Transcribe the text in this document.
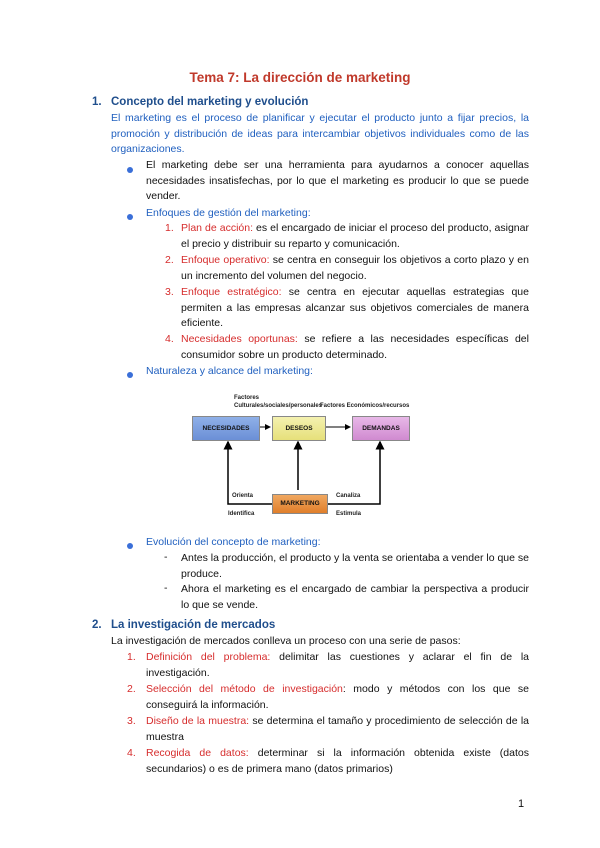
Tema 7: La dirección de marketing
1. Concepto del marketing y evolución
El marketing es el proceso de planificar y ejecutar el producto junto a fijar precios, la promoción y distribución de ideas para intercambiar objetivos individuales como de las organizaciones.
El marketing debe ser una herramienta para ayudarnos a conocer aquellas necesidades insatisfechas, por lo que el marketing es producir lo que se puede vender.
Enfoques de gestión del marketing:
1. Plan de acción: es el encargado de iniciar el proceso del producto, asignar el precio y distribuir su reparto y comunicación.
2. Enfoque operativo: se centra en conseguir los objetivos a corto plazo y en un incremento del volumen del negocio.
3. Enfoque estratégico: se centra en ejecutar aquellas estrategias que permiten a las empresas alcanzar sus objetivos comerciales de manera eficiente.
4. Necesidades oportunas: se refiere a las necesidades específicas del consumidor sobre un producto determinado.
Naturaleza y alcance del marketing:
Factores
Culturales/sociales/personales
Factores Económicos/recursos
NECESIDADES	DESEOS	DEMANDAS
MARKETING
Orienta
Identifica
Canaliza
Estimula
Evolución del concepto de marketing:
- Antes la producción, el producto y la venta se orientaba a vender lo que se produce.
- Ahora el marketing es el encargado de cambiar la perspectiva a producir lo que se vende.
2. La investigación de mercados
La investigación de mercados conlleva un proceso con una serie de pasos:
1. Definición del problema: delimitar las cuestiones y aclarar el fin de la investigación.
2. Selección del método de investigación: modo y métodos con los que se conseguirá la información.
3. Diseño de la muestra: se determina el tamaño y procedimiento de selección de la muestra
4. Recogida de datos: determinar si la información obtenida existe (datos secundarios) o es de primera mano (datos primarios)
1
